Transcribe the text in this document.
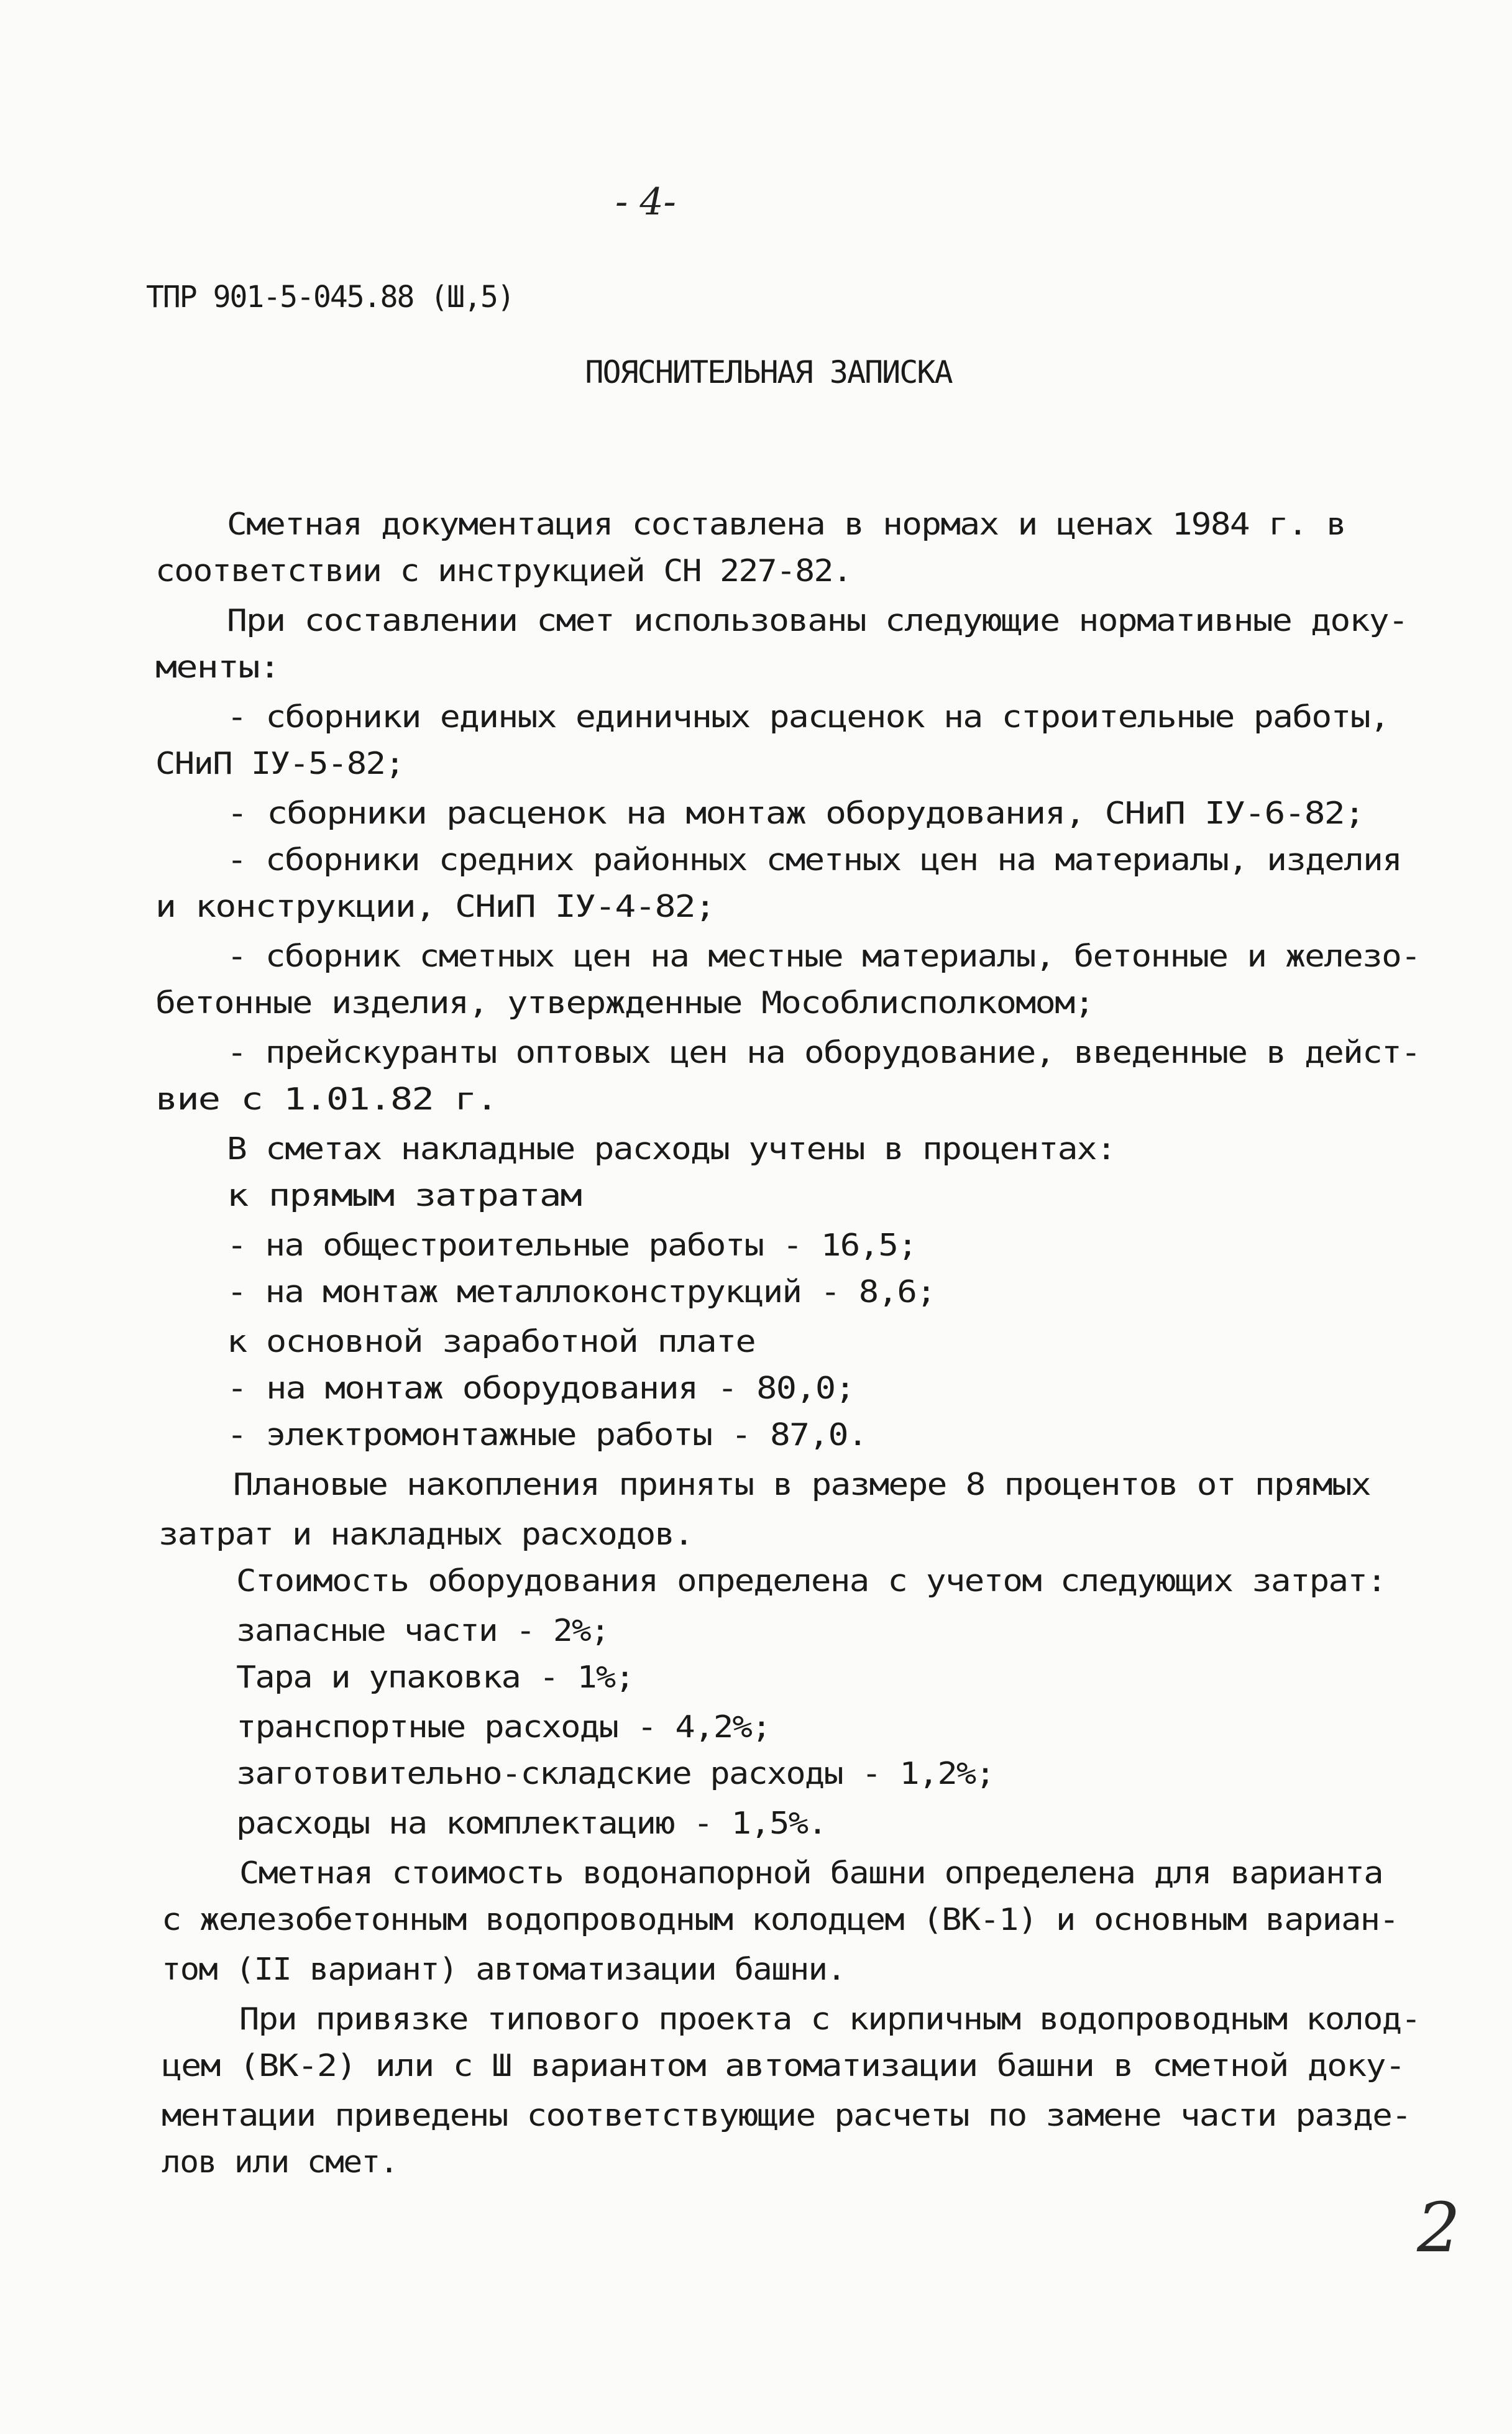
- 4-
ТПР 901-5-045.88 (Ш,5)
ПОЯСНИТЕЛЬНАЯ ЗАПИСКА
Сметная документация составлена в нормах и ценах 1984 г. в
соответствии с инструкцией СН 227-82.
При составлении смет использованы следующие нормативные доку-
менты:
- сборники единых единичных расценок на строительные работы,
СНиП IУ-5-82;
- сборники расценок на монтаж оборудования, СНиП IУ-6-82;
- сборники средних районных сметных цен на материалы, изделия
и конструкции, СНиП IУ-4-82;
- сборник сметных цен на местные материалы, бетонные и железо-
бетонные изделия, утвержденные Мособлисполкомом;
- прейскуранты оптовых цен на оборудование, введенные в дейст-
вие с 1.01.82 г.
В сметах накладные расходы учтены в процентах:
к прямым затратам
- на общестроительные работы - 16,5;
- на монтаж металлоконструкций - 8,6;
к основной заработной плате
- на монтаж оборудования - 80,0;
- электромонтажные работы - 87,0.
Плановые накопления приняты в размере 8 процентов от прямых
затрат и накладных расходов.
Стоимость оборудования определена с учетом следующих затрат:
запасные части - 2%;
Тара и упаковка - 1%;
транспортные расходы - 4,2%;
заготовительно-складские расходы - 1,2%;
расходы на комплектацию - 1,5%.
Сметная стоимость водонапорной башни определена для варианта
с железобетонным водопроводным колодцем (ВК-1) и основным вариан-
том (II вариант) автоматизации башни.
При привязке типового проекта с кирпичным водопроводным колод-
цем (ВК-2) или с Ш вариантом автоматизации башни в сметной доку-
ментации приведены соответствующие расчеты по замене части разде-
лов или смет.
2
